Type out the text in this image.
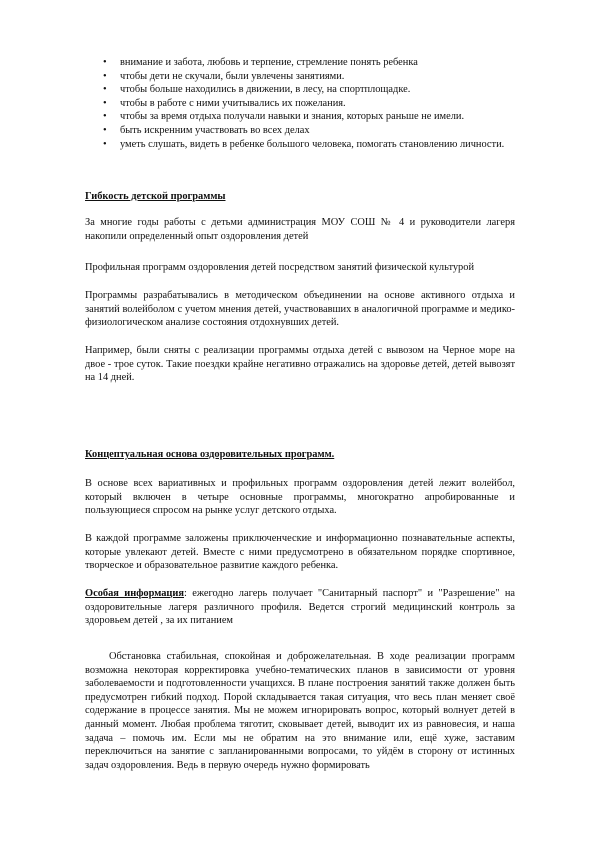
• внимание и забота, любовь и терпение, стремление понять ребенка
• чтобы дети не скучали, были увлечены занятиями.
• чтобы больше находились в движении, в лесу, на спортплощадке.
• чтобы в работе с ними учитывались их пожелания.
• чтобы за время отдыха получали навыки и знания, которых раньше не имели.
• быть искренним участвовать во всех делах
• уметь слушать, видеть в ребенке большого человека, помогать становлению личности.
Гибкость детской программы
За многие годы работы с детьми администрация МОУ СОШ № 4 и руководители лагеря накопили определенный опыт оздоровления детей
Профильная программ оздоровления детей посредством занятий физической культурой
Программы разрабатывались в методическом объединении на основе активного отдыха и занятий волейболом с учетом мнения детей, участвовавших в аналогичной программе и медико-физиологическом анализе состояния отдохнувших детей.
Например, были сняты с реализации программы отдыха детей с вывозом на Черное море на двое - трое суток. Такие поездки крайне негативно отражались на здоровье детей, детей вывозят на 14 дней.
Концептуальная основа оздоровительных программ.
В основе всех вариативных и профильных программ оздоровления детей лежит волейбол, который включен в четыре основные программы, многократно апробированные и пользующиеся спросом на рынке услуг детского отдыха.
В каждой программе заложены приключенческие и информационно познавательные аспекты, которые увлекают детей. Вместе с ними предусмотрено в обязательном порядке спортивное, творческое и образовательное развитие каждого ребенка.
Особая информация: ежегодно лагерь получает "Санитарный паспорт" и "Разрешение" на оздоровительные лагеря различного профиля. Ведется строгий медицинский контроль за здоровьем детей , за их питанием
Обстановка стабильная, спокойная и доброжелательная. В ходе реализации программ возможна некоторая корректировка учебно-тематических планов в зависимости от уровня заболеваемости и подготовленности учащихся. В плане построения занятий также должен быть предусмотрен гибкий подход. Порой складывается такая ситуация, что весь план меняет своё содержание в процессе занятия. Мы не можем игнорировать вопрос, который волнует детей в данный момент. Любая проблема тяготит, сковывает детей, выводит их из равновесия, и наша задача – помочь им. Если мы не обратим на это внимание или, ещё хуже, заставим переключиться на занятие с запланированными вопросами, то уйдём в сторону от истинных задач оздоровления. Ведь в первую очередь нужно формировать
